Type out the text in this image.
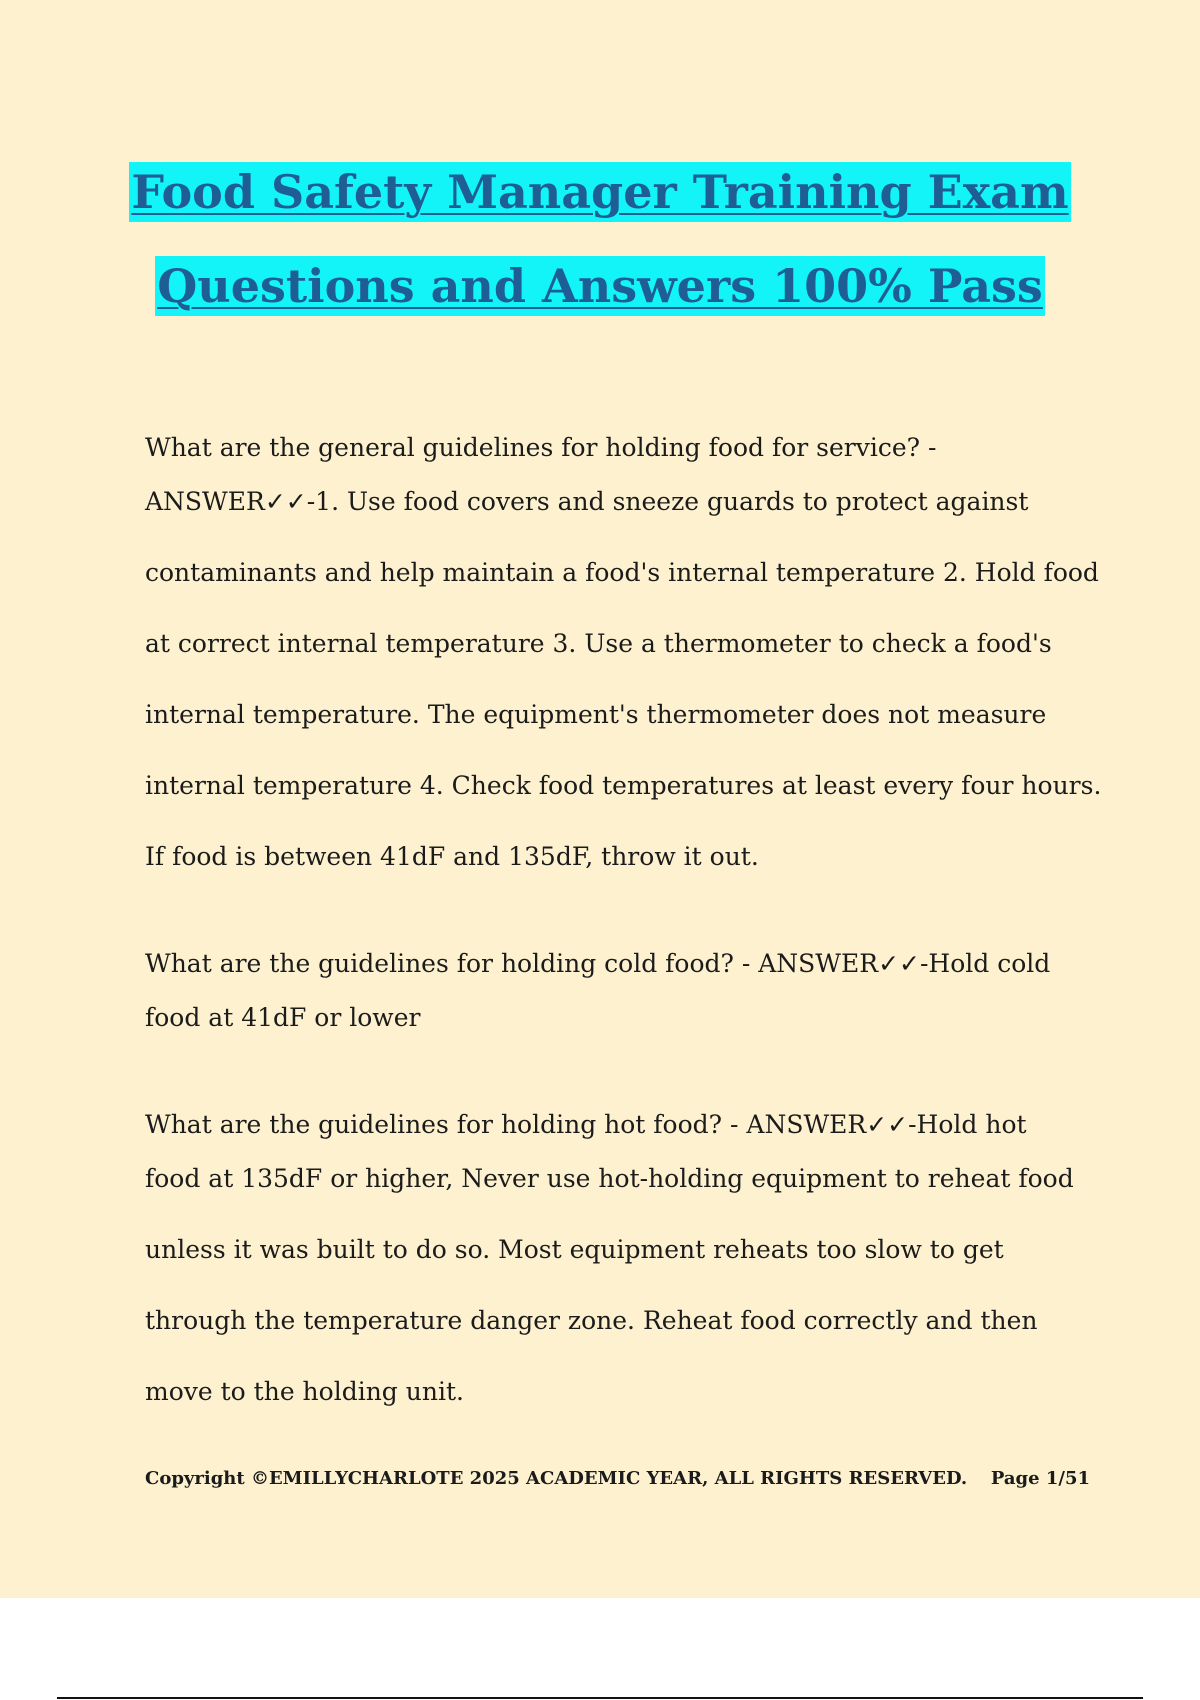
Food Safety Manager Training Exam
Questions and Answers 100% Pass

What are the general guidelines for holding food for service? -
ANSWER✓✓-1. Use food covers and sneeze guards to protect against
contaminants and help maintain a food's internal temperature 2. Hold food
at correct internal temperature 3. Use a thermometer to check a food's
internal temperature. The equipment's thermometer does not measure
internal temperature 4. Check food temperatures at least every four hours.
If food is between 41dF and 135dF, throw it out.

What are the guidelines for holding cold food? - ANSWER✓✓-Hold cold
food at 41dF or lower

What are the guidelines for holding hot food? - ANSWER✓✓-Hold hot
food at 135dF or higher, Never use hot-holding equipment to reheat food
unless it was built to do so. Most equipment reheats too slow to get
through the temperature danger zone. Reheat food correctly and then
move to the holding unit.

Copyright ©EMILLYCHARLOTE 2025 ACADEMIC YEAR, ALL RIGHTS RESERVED. Page 1/51
